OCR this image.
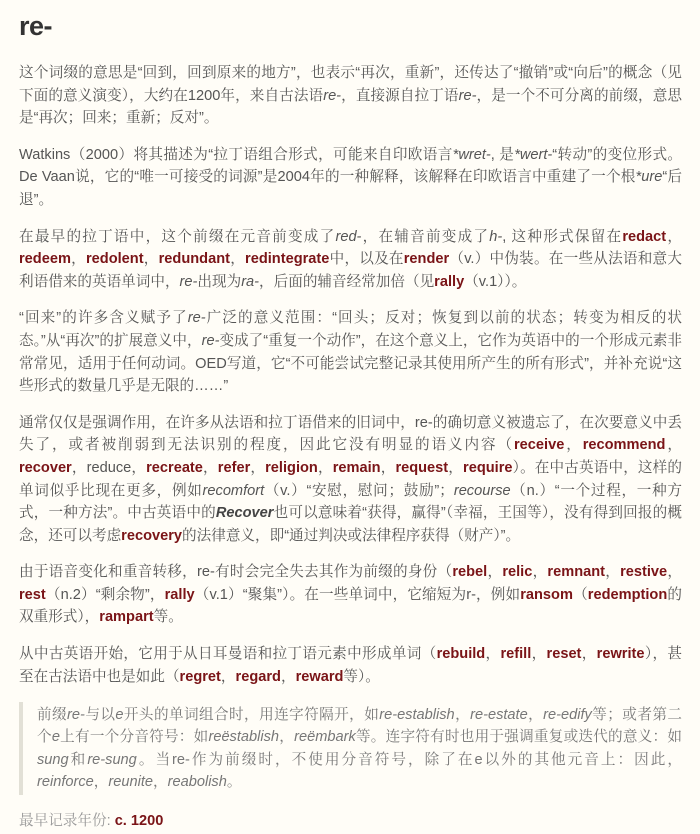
re-

这个词缀的意思是“回到，回到原来的地方”，也表示“再次，重新”，还传达了“撤销”或“向后”的概念（见下面的意义演变），大约在1200年，来自古法语re-，直接源自拉丁语re-，是一个不可分离的前缀，意思是“再次；回来；重新；反对”。

Watkins（2000）将其描述为“拉丁语组合形式，可能来自印欧语言*wret-, 是*wert-“转动”的变位形式。De Vaan说，它的“唯一可接受的词源”是2004年的一种解释，该解释在印欧语言中重建了一个根*ure“后退”。

在最早的拉丁语中，这个前缀在元音前变成了red-，在辅音前变成了h-, 这种形式保留在redact，redeem，redolent，redundant，redintegrate中，以及在render（v.）中伪装。在一些从法语和意大利语借来的英语单词中，re-出现为ra-，后面的辅音经常加倍（见rally（v.1））。

“回来”的许多含义赋予了re-广泛的意义范围：“回头；反对；恢复到以前的状态；转变为相反的状态。”从“再次”的扩展意义中，re-变成了“重复一个动作”，在这个意义上，它作为英语中的一个形成元素非常常见，适用于任何动词。OED写道，它“不可能尝试完整记录其使用所产生的所有形式”，并补充说“这些形式的数量几乎是无限的……”

通常仅仅是强调作用，在许多从法语和拉丁语借来的旧词中，re-的确切意义被遗忘了，在次要意义中丢失了，或者被削弱到无法识别的程度，因此它没有明显的语义内容（receive，recommend，recover，reduce，recreate，refer，religion，remain，request，require）。在中古英语中，这样的单词似乎比现在更多，例如recomfort（v.）“安慰，慰问；鼓励”；recourse（n.）“一个过程，一种方式，一种方法”。中古英语中的Recover也可以意味着“获得，赢得”（幸福，王国等），没有得到回报的概念，还可以考虑recovery的法律意义，即“通过判决或法律程序获得（财产）”。

由于语音变化和重音转移，re-有时会完全失去其作为前缀的身份（rebel，relic，remnant，restive，rest（n.2）“剩余物”，rally（v.1）“聚集”）。在一些单词中，它缩短为r-，例如ransom（redemption的双重形式），rampart等。

从中古英语开始，它用于从日耳曼语和拉丁语元素中形成单词（rebuild，refill，reset，rewrite），甚至在古法语中也是如此（regret，regard，reward等）。

前缀re-与以e开头的单词组合时，用连字符隔开，如re-establish，re-estate，re-edify等；或者第二个e上有一个分音符号：如reëstablish，reëmbark等。连字符有时也用于强调重复或迭代的意义：如sung和re-sung。当re-作为前缀时，不使用分音符号，除了在e以外的其他元音上：因此，reinforce，reunite，reabolish。

最早记录年份: c. 1200
